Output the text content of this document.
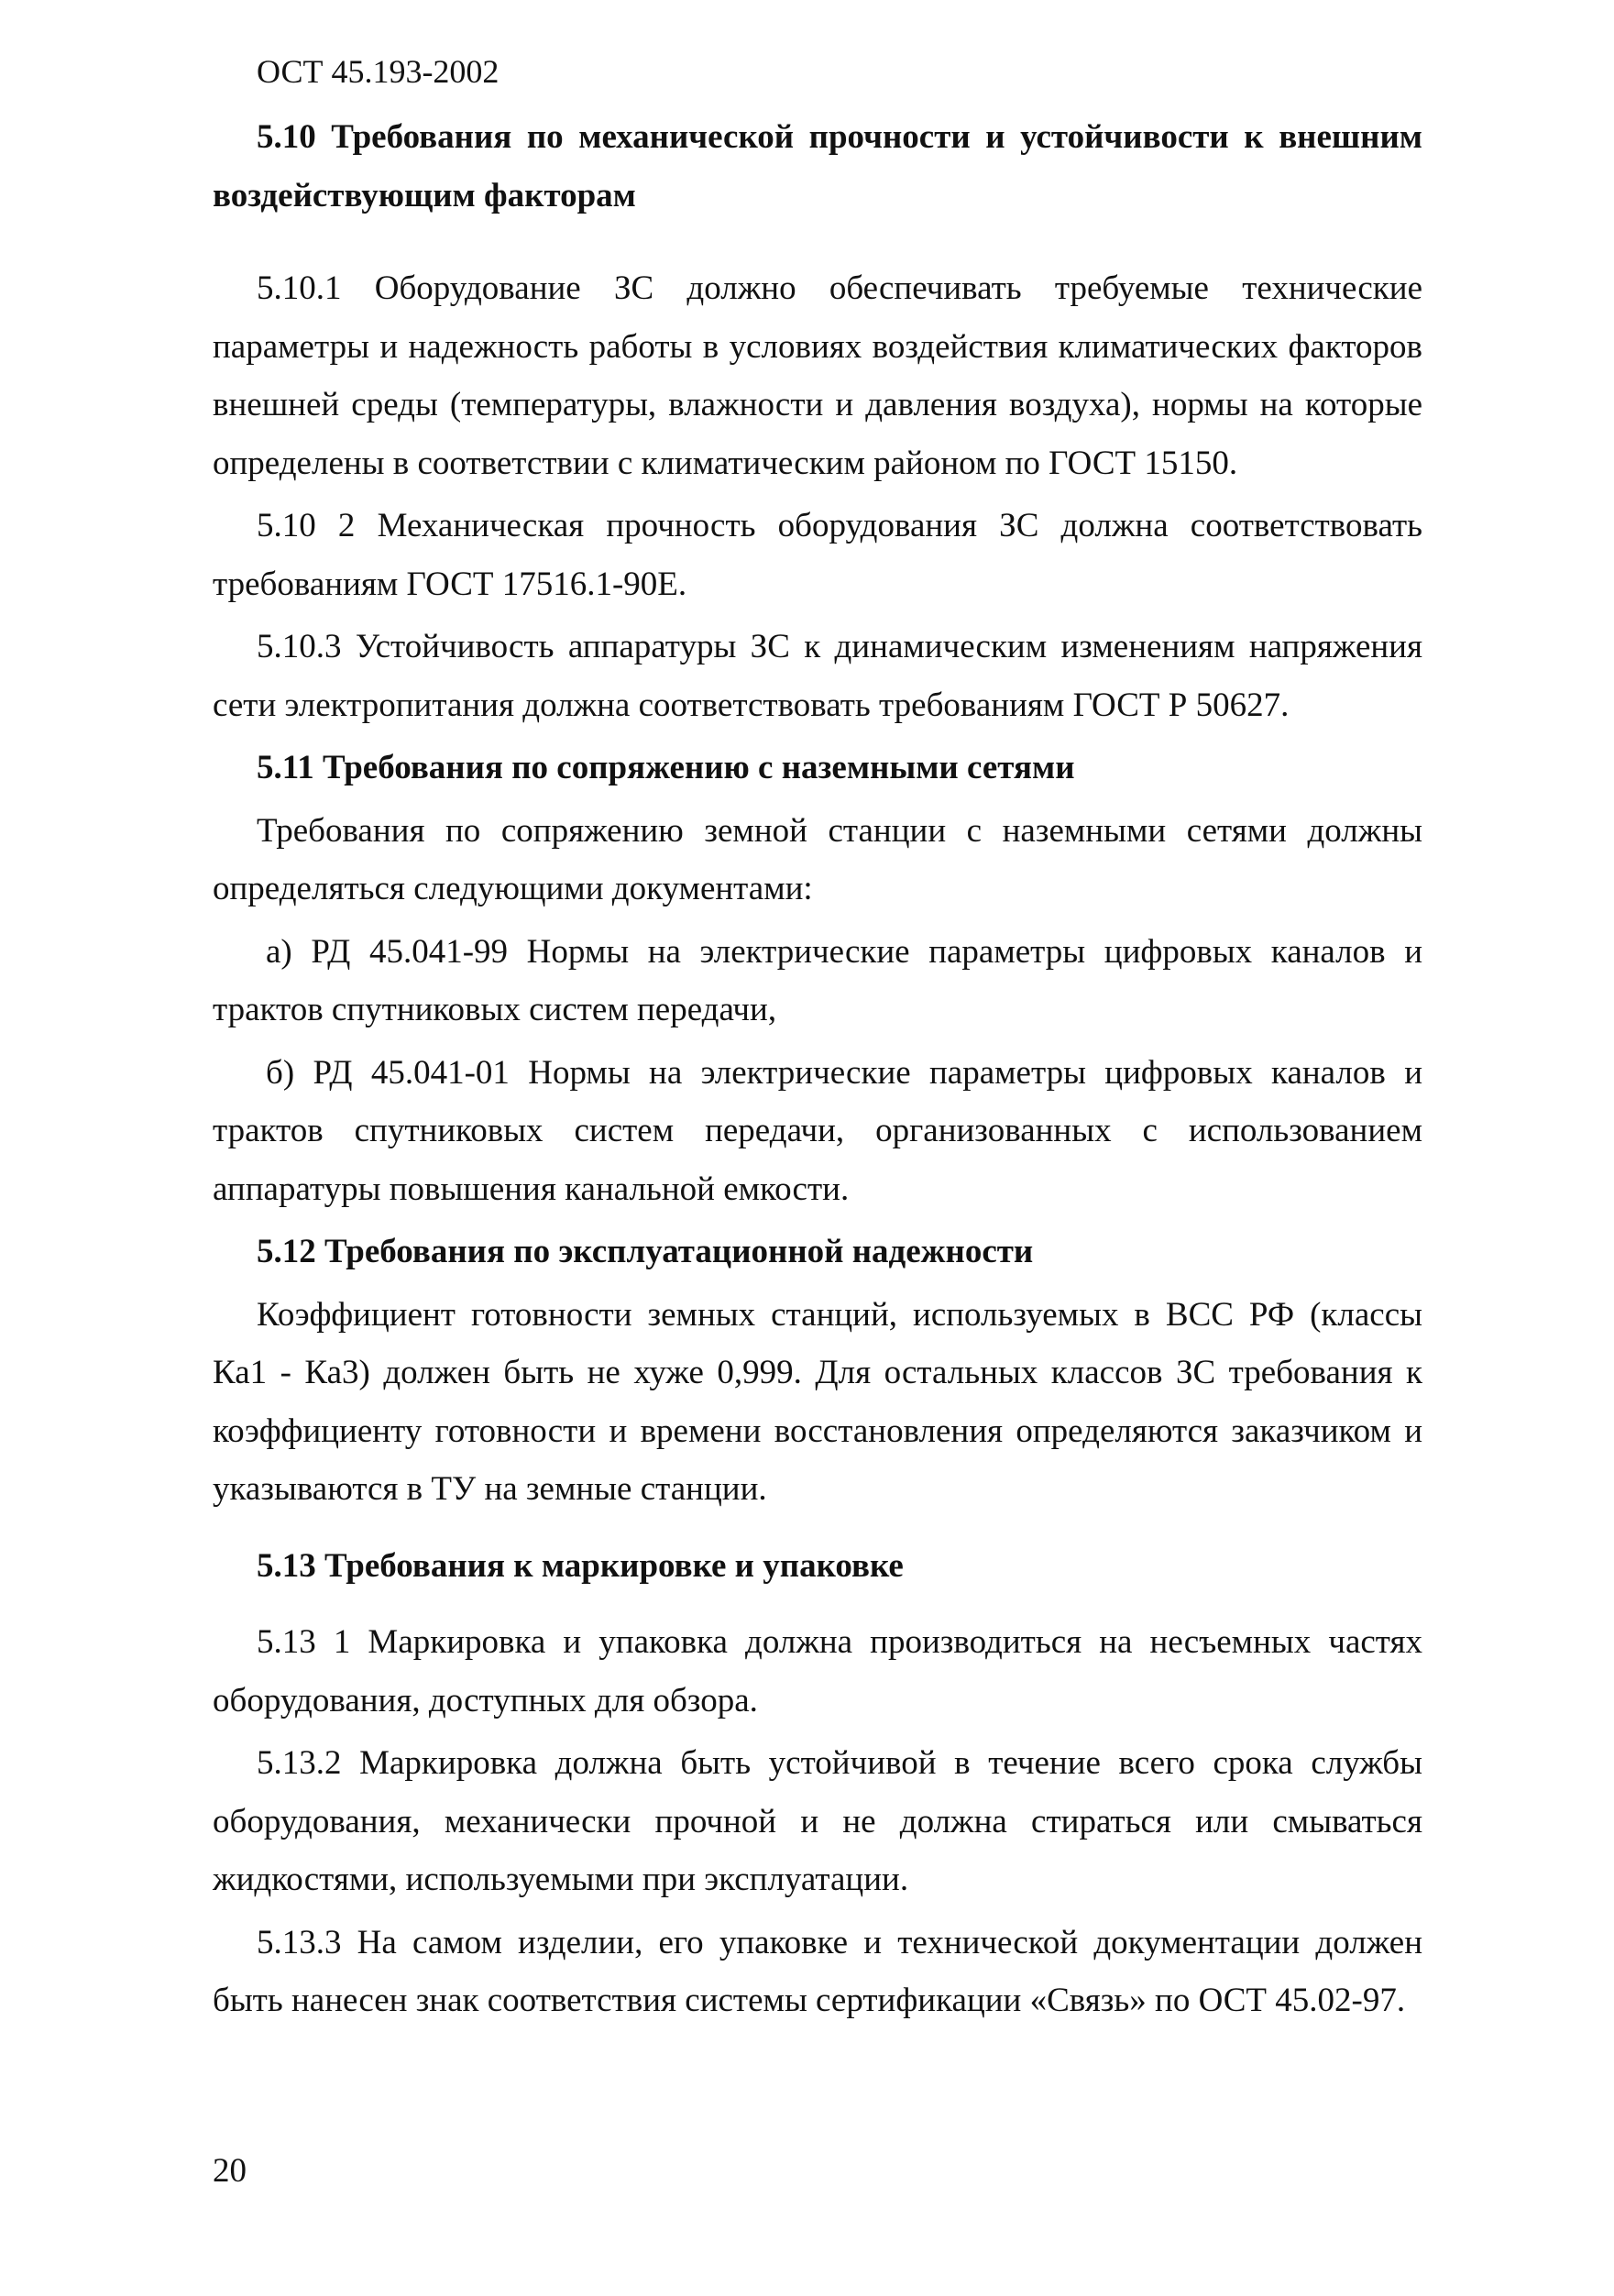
ОСТ 45.193-2002

5.10 Требования по механической прочности и устойчивости к внешним воздействующим факторам

5.10.1 Оборудование ЗС должно обеспечивать требуемые технические параметры и надежность работы в условиях воздействия климатических факторов внешней среды (температуры, влажности и давления воздуха), нормы на которые определены в соответствии с климатическим районом по ГОСТ 15150.

5.10 2 Механическая прочность оборудования ЗС должна соответствовать требованиям ГОСТ 17516.1-90Е.

5.10.3 Устойчивость аппаратуры ЗС к динамическим изменениям напряжения сети электропитания должна соответствовать требованиям ГОСТ Р 50627.

5.11 Требования по сопряжению с наземными сетями

Требования по сопряжению земной станции с наземными сетями должны определяться следующими документами:

а) РД 45.041-99 Нормы на электрические параметры цифровых каналов и трактов спутниковых систем передачи,

б) РД 45.041-01 Нормы на электрические параметры цифровых каналов и трактов спутниковых систем передачи, организованных с использованием аппаратуры повышения канальной емкости.

5.12 Требования по эксплуатационной надежности

Коэффициент готовности земных станций, используемых в ВСС РФ (классы Ка1 - Ка3) должен быть не хуже 0,999. Для остальных классов ЗС требования к коэффициенту готовности и времени восстановления определяются заказчиком и указываются в ТУ на земные станции.

5.13 Требования к маркировке и упаковке

5.13 1 Маркировка и упаковка должна производиться на несъемных частях оборудования, доступных для обзора.

5.13.2 Маркировка должна быть устойчивой в течение всего срока службы оборудования, механически прочной и не должна стираться или смываться жидкостями, используемыми при эксплуатации.

5.13.3 На самом изделии, его упаковке и технической документации должен быть нанесен знак соответствия системы сертификации «Связь» по ОСТ 45.02-97.

20
